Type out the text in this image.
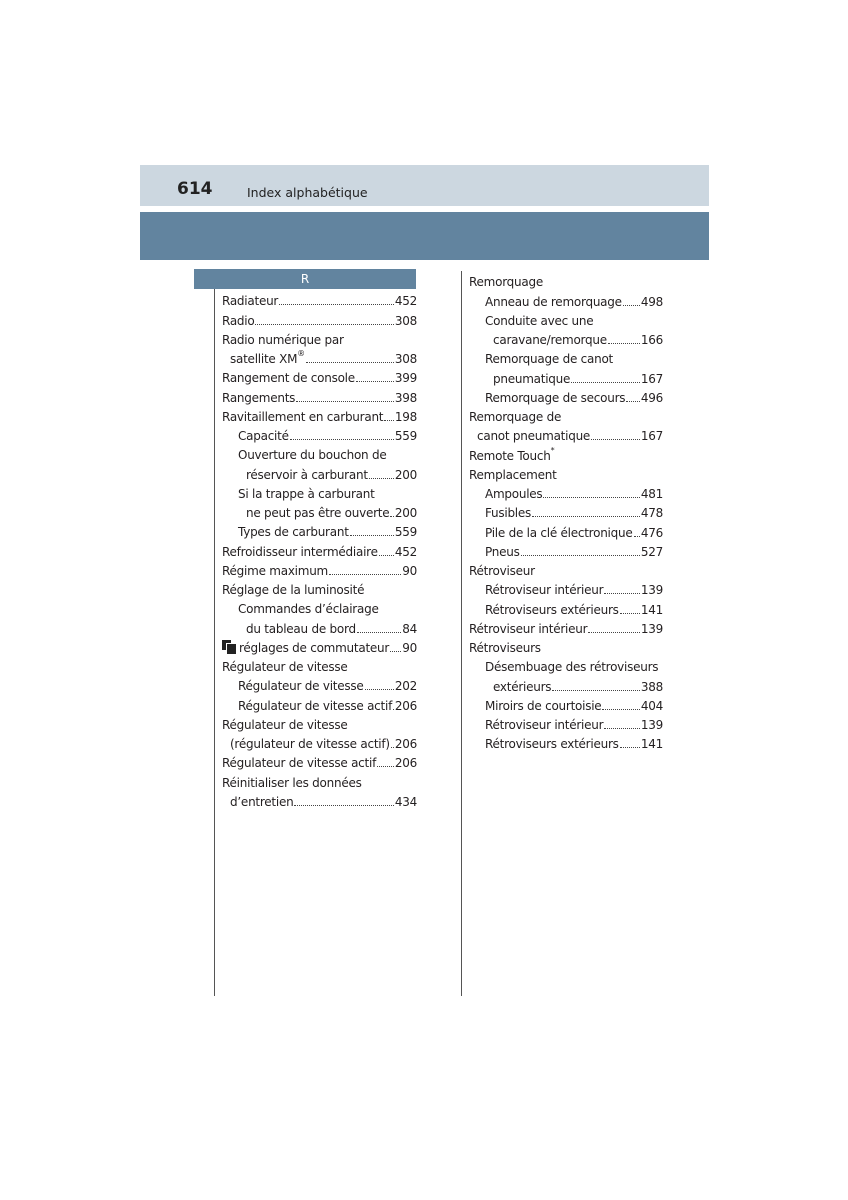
614	Index alphabétique
R
Radiateur	452
Radio	308
Radio numérique par
satellite XM®	308
Rangement de console	399
Rangements	398
Ravitaillement en carburant 198
Capacité	559
Ouverture du bouchon de
réservoir à carburant 200
Si la trappe à carburant
ne peut pas être ouverte 200
Types de carburant	559
Refroidisseur intermédiaire 452
Régime maximum	90
Réglage de la luminosité
Commandes d’éclairage
du tableau de bord	84
réglages de commutateur 90
Régulateur de vitesse
Régulateur de vitesse	202
Régulateur de vitesse actif 206
Régulateur de vitesse
(régulateur de vitesse actif) 206
Régulateur de vitesse actif 206
Réinitialiser les données
d’entretien	434
Remorquage
Anneau de remorquage 498
Conduite avec une
caravane/remorque	166
Remorquage de canot
pneumatique	167
Remorquage de secours 496
Remorquage de
canot pneumatique	167
Remote Touch*
Remplacement
Ampoules	481
Fusibles	478
Pile de la clé électronique 476
Pneus	527
Rétroviseur
Rétroviseur intérieur	139
Rétroviseurs extérieurs 141
Rétroviseur intérieur	139
Rétroviseurs
Désembuage des rétroviseurs
extérieurs	388
Miroirs de courtoisie	404
Rétroviseur intérieur	139
Rétroviseurs extérieurs 141
